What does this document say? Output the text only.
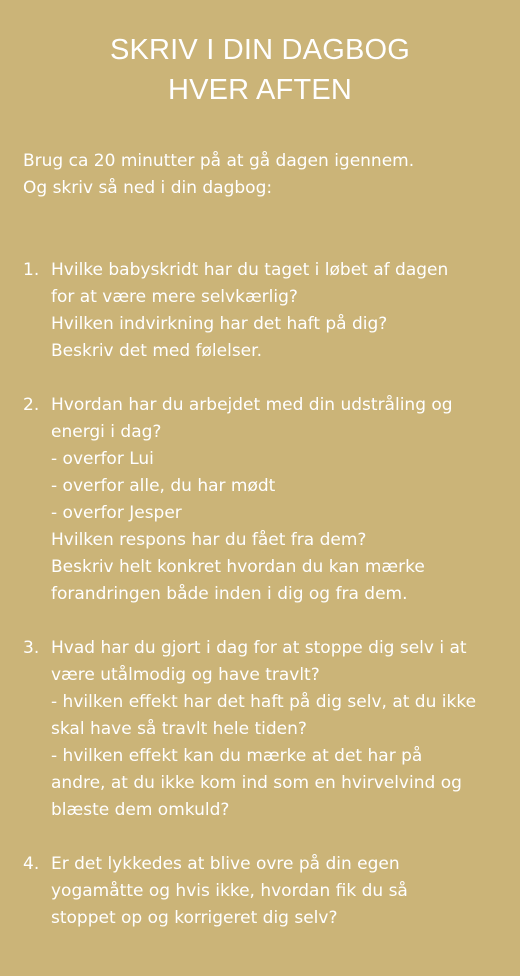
SKRIV I DIN DAGBOG
HVER AFTEN
Brug ca 20 minutter på at gå dagen igennem.
Og skriv så ned i din dagbog:
1. Hvilke babyskridt har du taget i løbet af dagen
for at være mere selvkærlig?
Hvilken indvirkning har det haft på dig?
Beskriv det med følelser.
2. Hvordan har du arbejdet med din udstråling og
energi i dag?
- overfor Lui
- overfor alle, du har mødt
- overfor Jesper
Hvilken respons har du fået fra dem?
Beskriv helt konkret hvordan du kan mærke
forandringen både inden i dig og fra dem.
3. Hvad har du gjort i dag for at stoppe dig selv i at
være utålmodig og have travlt?
- hvilken effekt har det haft på dig selv, at du ikke
skal have så travlt hele tiden?
- hvilken effekt kan du mærke at det har på
andre, at du ikke kom ind som en hvirvelvind og
blæste dem omkuld?
4. Er det lykkedes at blive ovre på din egen
yogamåtte og hvis ikke, hvordan fik du så
stoppet op og korrigeret dig selv?
